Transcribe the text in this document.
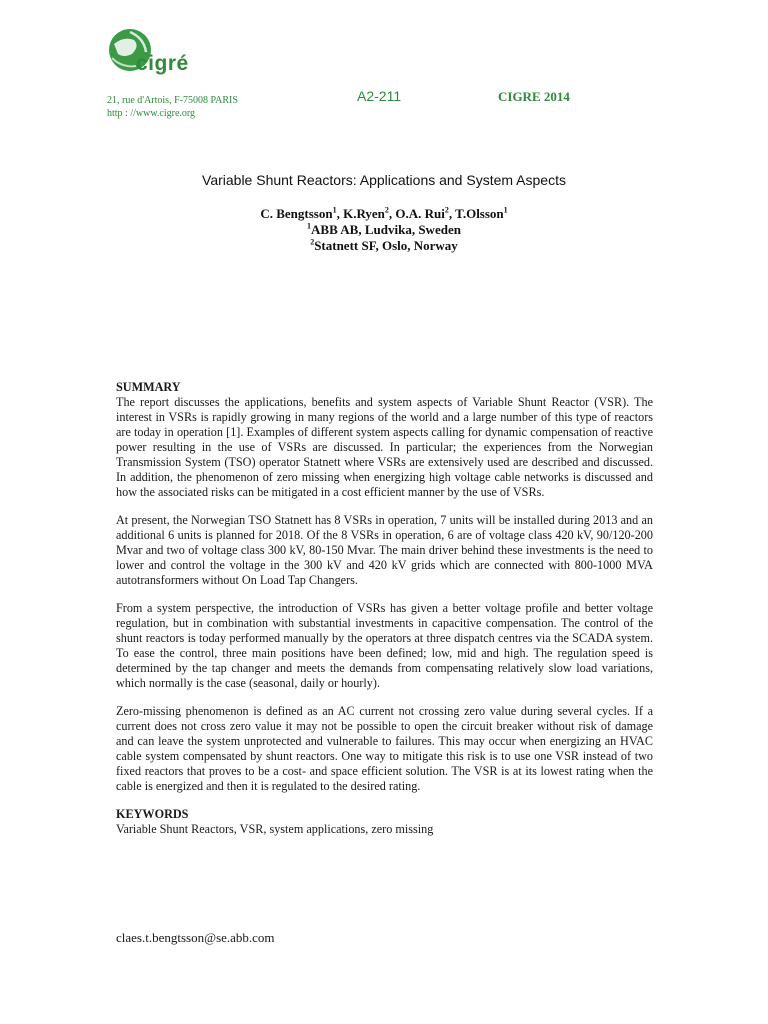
cigré
21, rue d'Artois, F-75008 PARIS
http : //www.cigre.org
A2-211	CIGRE 2014
Variable Shunt Reactors: Applications and System Aspects
C. Bengtsson$^1$, K.Ryen$^2$, O.A. Rui$^2$, T.Olsson$^1$
$^1$ABB AB, Ludvika, Sweden
$^2$Statnett SF, Oslo, Norway
SUMMARY

The report discusses the applications, benefits and system aspects of Variable Shunt Reactor (VSR). The interest in VSRs is rapidly growing in many regions of the world and a large number of this type of reactors are today in operation [1]. Examples of different system aspects calling for dynamic compensation of reactive power resulting in the use of VSRs are discussed. In particular; the experiences from the Norwegian Transmission System (TSO) operator Statnett where VSRs are extensively used are described and discussed. In addition, the phenomenon of zero missing when energizing high voltage cable networks is discussed and how the associated risks can be mitigated in a cost efficient manner by the use of VSRs.

At present, the Norwegian TSO Statnett has 8 VSRs in operation, 7 units will be installed during 2013 and an additional 6 units is planned for 2018. Of the 8 VSRs in operation, 6 are of voltage class 420 kV, 90/120-200 Mvar and two of voltage class 300 kV, 80-150 Mvar. The main driver behind these investments is the need to lower and control the voltage in the 300 kV and 420 kV grids which are connected with 800-1000 MVA autotransformers without On Load Tap Changers.

From a system perspective, the introduction of VSRs has given a better voltage profile and better voltage regulation, but in combination with substantial investments in capacitive compensation. The control of the shunt reactors is today performed manually by the operators at three dispatch centres via the SCADA system. To ease the control, three main positions have been defined; low, mid and high. The regulation speed is determined by the tap changer and meets the demands from compensating relatively slow load variations, which normally is the case (seasonal, daily or hourly).

Zero-missing phenomenon is defined as an AC current not crossing zero value during several cycles. If a current does not cross zero value it may not be possible to open the circuit breaker without risk of damage and can leave the system unprotected and vulnerable to failures. This may occur when energizing an HVAC cable system compensated by shunt reactors. One way to mitigate this risk is to use one VSR instead of two fixed reactors that proves to be a cost- and space efficient solution. The VSR is at its lowest rating when the cable is energized and then it is regulated to the desired rating.

KEYWORDS

Variable Shunt Reactors, VSR, system applications, zero missing

claes.t.bengtsson@se.abb.com
